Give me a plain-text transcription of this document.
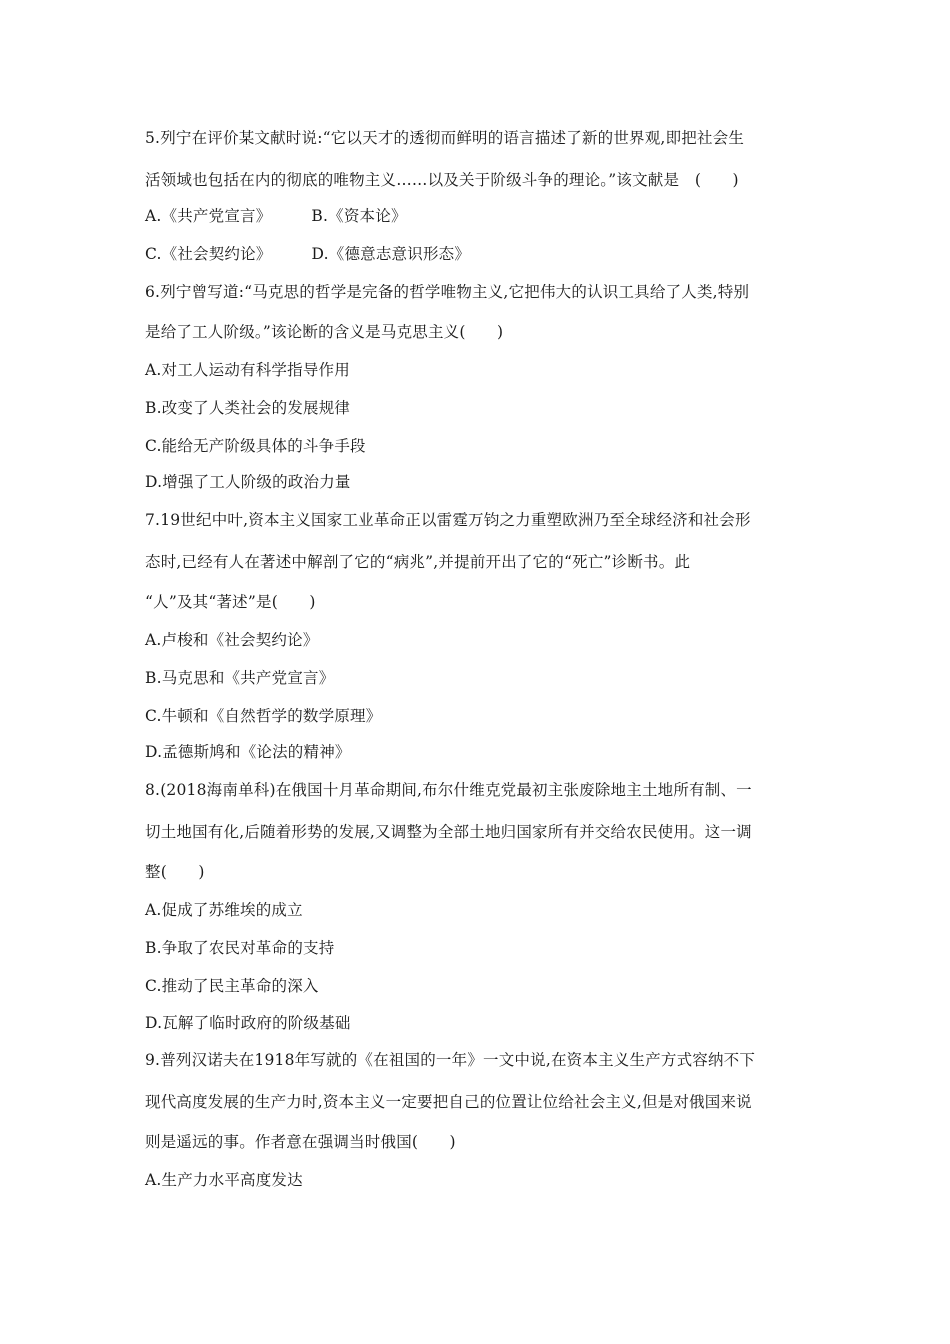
5.列宁在评价某文献时说:“它以天才的透彻而鲜明的语言描述了新的世界观,即把社会生
活领域也包括在内的彻底的唯物主义……以及关于阶级斗争的理论。”该文献是　(　　)
A.《共产党宣言》	B.《资本论》
C.《社会契约论》	D.《德意志意识形态》
6.列宁曾写道:“马克思的哲学是完备的哲学唯物主义,它把伟大的认识工具给了人类,特别
是给了工人阶级。”该论断的含义是马克思主义(　　)
A.对工人运动有科学指导作用
B.改变了人类社会的发展规律
C.能给无产阶级具体的斗争手段
D.增强了工人阶级的政治力量
7.19世纪中叶,资本主义国家工业革命正以雷霆万钧之力重塑欧洲乃至全球经济和社会形
态时,已经有人在著述中解剖了它的“病兆”,并提前开出了它的“死亡”诊断书。此
“人”及其“著述”是(　　)
A.卢梭和《社会契约论》
B.马克思和《共产党宣言》
C.牛顿和《自然哲学的数学原理》
D.孟德斯鸠和《论法的精神》
8.(2018海南单科)在俄国十月革命期间,布尔什维克党最初主张废除地主土地所有制、一
切土地国有化,后随着形势的发展,又调整为全部土地归国家所有并交给农民使用。这一调
整(　　)
A.促成了苏维埃的成立
B.争取了农民对革命的支持
C.推动了民主革命的深入
D.瓦解了临时政府的阶级基础
9.普列汉诺夫在1918年写就的《在祖国的一年》一文中说,在资本主义生产方式容纳不下
现代高度发展的生产力时,资本主义一定要把自己的位置让位给社会主义,但是对俄国来说
则是遥远的事。作者意在强调当时俄国(　　)
A.生产力水平高度发达
